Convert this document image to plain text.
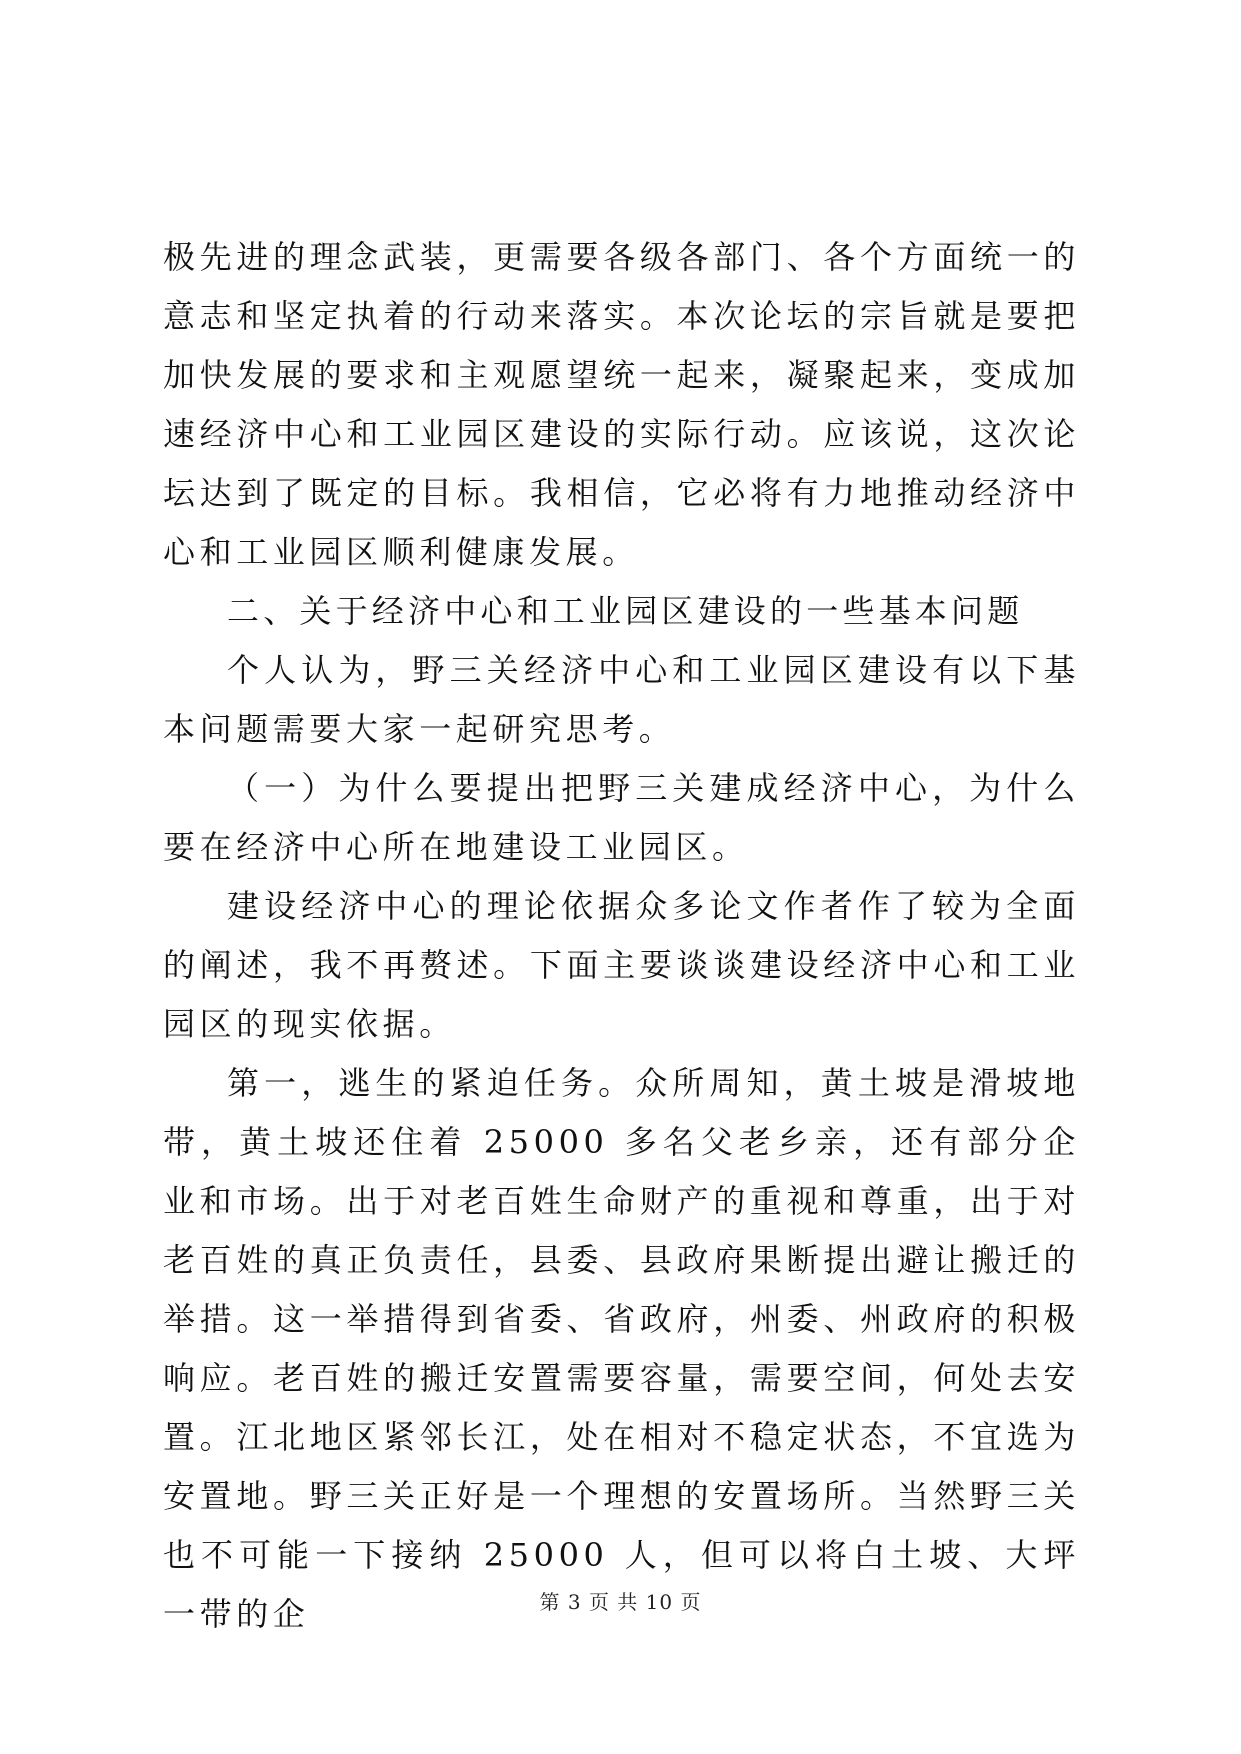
极先进的理念武装，更需要各级各部门、各个方面统一的意志和坚定执着的行动来落实。本次论坛的宗旨就是要把加快发展的要求和主观愿望统一起来，凝聚起来，变成加速经济中心和工业园区建设的实际行动。应该说，这次论坛达到了既定的目标。我相信，它必将有力地推动经济中心和工业园区顺利健康发展。

二、关于经济中心和工业园区建设的一些基本问题

个人认为，野三关经济中心和工业园区建设有以下基本问题需要大家一起研究思考。

（一）为什么要提出把野三关建成经济中心，为什么要在经济中心所在地建设工业园区。

建设经济中心的理论依据众多论文作者作了较为全面的阐述，我不再赘述。下面主要谈谈建设经济中心和工业园区的现实依据。

第一，逃生的紧迫任务。众所周知，黄土坡是滑坡地带，黄土坡还住着 25000 多名父老乡亲，还有部分企业和市场。出于对老百姓生命财产的重视和尊重，出于对老百姓的真正负责任，县委、县政府果断提出避让搬迁的举措。这一举措得到省委、省政府，州委、州政府的积极响应。老百姓的搬迁安置需要容量，需要空间，何处去安置。江北地区紧邻长江，处在相对不稳定状态，不宜选为安置地。野三关正好是一个理想的安置场所。当然野三关也不可能一下接纳 25000 人，但可以将白土坡、大坪一带的企	第 3 页 共 10 页
